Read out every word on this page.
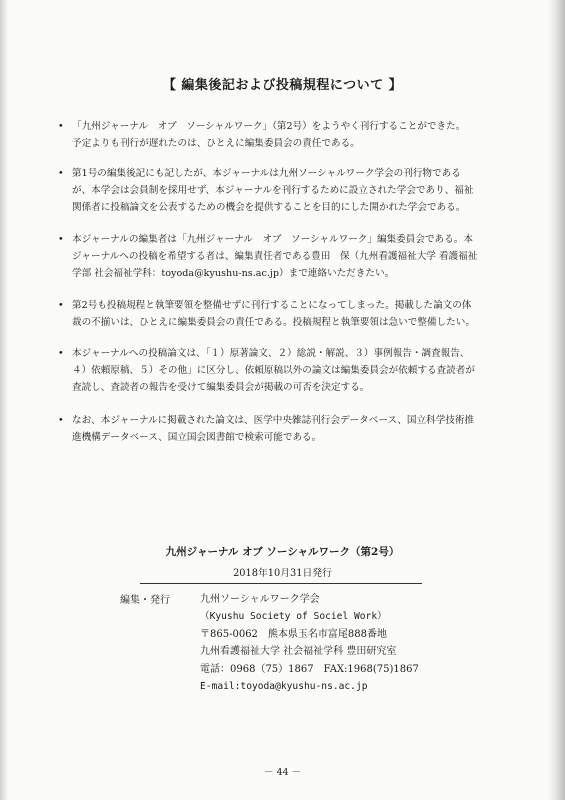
【 編集後記および投稿規程について 】
• 「九州ジャーナル　オブ　ソーシャルワーク」（第2号）をようやく刊行することができた。

予定よりも刊行が遅れたのは、ひとえに編集委員会の責任である。

• 第1号の編集後記にも記したが、本ジャーナルは九州ソーシャルワーク学会の刊行物である

が、本学会は会員制を採用せず、本ジャーナルを刊行するために設立された学会であり、福祉

関係者に投稿論文を公表するための機会を提供することを目的にした開かれた学会である。

• 本ジャーナルの編集者は「九州ジャーナル　オブ　ソーシャルワーク」編集委員会である。本

ジャーナルへの投稿を希望する者は、編集責任者である豊田　保（九州看護福祉大学 看護福祉

学部 社会福祉学科：toyoda@kyushu-ns.ac.jp）まで連絡いただきたい。

• 第2号も投稿規程と執筆要領を整備せずに刊行することになってしまった。掲載した論文の体

裁の不揃いは、ひとえに編集委員会の責任である。投稿規程と執筆要領は急いで整備したい。

• 本ジャーナルへの投稿論文は、「１）原著論文、２）総説・解説、３）事例報告・調査報告、

４）依頼原稿、５）その他」に区分し、依頼原稿以外の論文は編集委員会が依頼する査読者が

査読し、査読者の報告を受けて編集委員会が掲載の可否を決定する。

• なお、本ジャーナルに掲載された論文は、医学中央雑誌刊行会データベース、国立科学技術推

進機構データベース、国立国会図書館で検索可能である。

九州ジャーナル オブ ソーシャルワーク（第2号）
2018年10月31日発行
編集・発行	九州ソーシャルワーク学会
（Kyushu Society of Sociel Work）
〒865-0062　熊本県玉名市富尾888番地
九州看護福祉大学 社会福祉学科 豊田研究室
電話：0968（75）1867　FAX:1968(75)1867
E-mail:toyoda@kyushu-ns.ac.jp
－ 44 －
